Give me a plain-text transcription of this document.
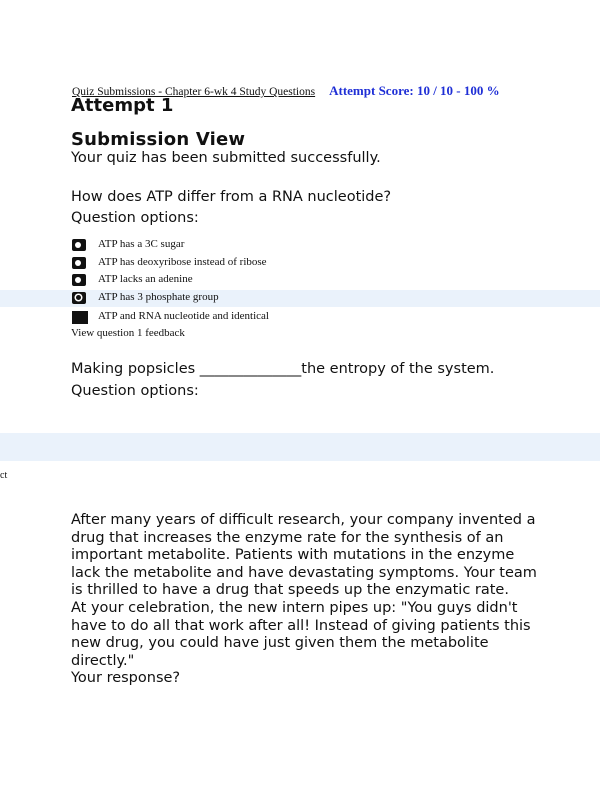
Quiz Submissions - Chapter 6-wk 4 Study Questions Attempt Score: 10 / 10 - 100 %
Attempt 1
Submission View
Your quiz has been submitted successfully.
How does ATP differ from a RNA nucleotide?
Question options:
ATP has a 3C sugar
ATP has deoxyribose instead of ribose
ATP lacks an adenine
ATP has 3 phosphate group
ATP and RNA nucleotide and identical
View question 1 feedback
Making popsicles ______________the entropy of the system.
Question options:
ct

After many years of difficult research, your company invented a drug that increases the enzyme rate for the synthesis of an important metabolite. Patients with mutations in the enzyme lack the metabolite and have devastating symptoms. Your team is thrilled to have a drug that speeds up the enzymatic rate.

At your celebration, the new intern pipes up: "You guys didn't have to do all that work after all! Instead of giving patients this new drug, you could have just given them the metabolite directly."

Your response?
